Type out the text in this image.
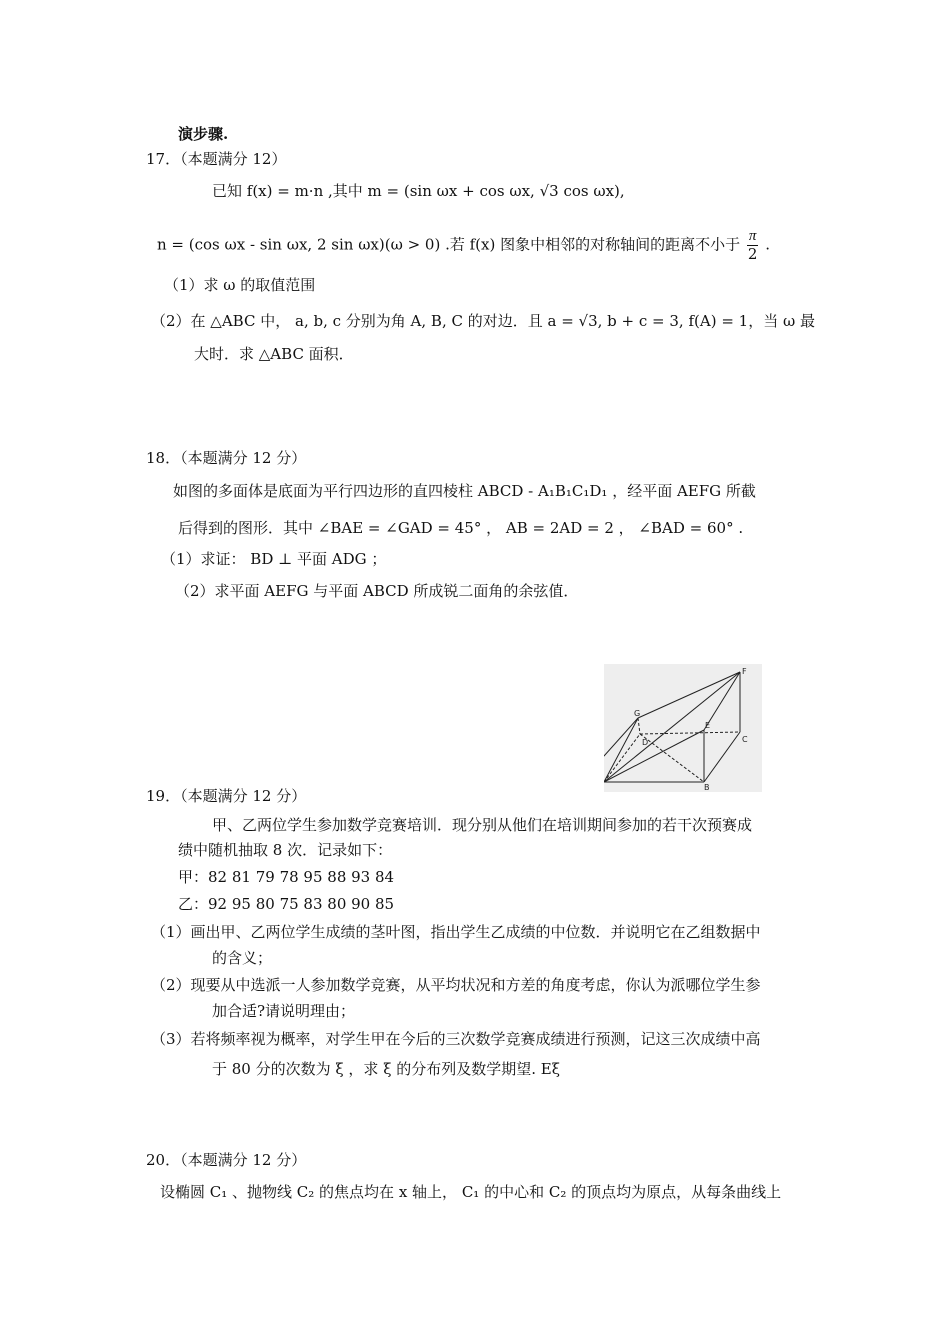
演步骤.
17．（本题满分 12）
已知 f(x) = m·n ,其中 m = (sin ωx + cos ωx, √3 cos ωx),
n = (cos ωx - sin ωx, 2 sin ωx)(ω > 0) .若 f(x) 图象中相邻的对称轴间的距离不小于 $\frac{\pi}{2}$ .
（1）求 ω 的取值范围
（2）在 △ABC 中， a, b, c 分别为角 A, B, C 的对边．且 a = √3, b + c = 3, f(A) = 1，当 ω 最
大时．求 △ABC 面积．
18．（本题满分 12 分）
如图的多面体是底面为平行四边形的直四棱柱 ABCD - A₁B₁C₁D₁ ，经平面 AEFG 所截
后得到的图形．其中 ∠BAE = ∠GAD = 45° ， AB = 2AD = 2 ， ∠BAD = 60° .
（1）求证： BD ⊥ 平面 ADG ；
（2）求平面 AEFG 与平面 ABCD 所成锐二面角的余弦值．
F
G
E
C
D
B
19．（本题满分 12 分）
甲、乙两位学生参加数学竞赛培训．现分别从他们在培训期间参加的若干次预赛成
绩中随机抽取 8 次．记录如下：
甲：82 81 79 78 95 88 93 84
乙：92 95 80 75 83 80 90 85
（1）画出甲、乙两位学生成绩的茎叶图，指出学生乙成绩的中位数．并说明它在乙组数据中
的含义；
（2）现要从中选派一人参加数学竞赛，从平均状况和方差的角度考虑，你认为派哪位学生参
加合适?请说明理由；
（3）若将频率视为概率，对学生甲在今后的三次数学竞赛成绩进行预测，记这三次成绩中高
于 80 分的次数为 ξ ，求 ξ 的分布列及数学期望. Eξ
20．（本题满分 12 分）
设椭圆 C₁ 、抛物线 C₂ 的焦点均在 x 轴上， C₁ 的中心和 C₂ 的顶点均为原点，从每条曲线上
